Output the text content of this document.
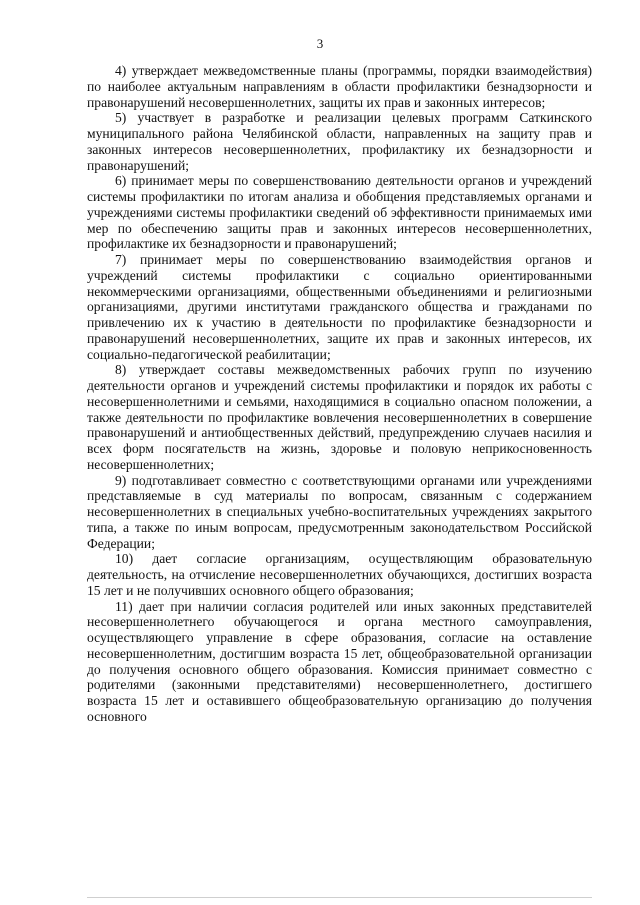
3

4) утверждает межведомственные планы (программы, порядки взаимодействия) по наиболее актуальным направлениям в области профилактики безнадзорности и правонарушений несовершеннолетних, защиты их прав и законных интересов;

5) участвует в разработке и реализации целевых программ Саткинского муниципального района Челябинской области, направленных на защиту прав и законных интересов несовершеннолетних, профилактику их безнадзорности и правонарушений;

6) принимает меры по совершенствованию деятельности органов и учреждений системы профилактики по итогам анализа и обобщения представляемых органами и учреждениями системы профилактики сведений об эффективности принимаемых ими мер по обеспечению защиты прав и законных интересов несовершеннолетних, профилактике их безнадзорности и правонарушений;

7) принимает меры по совершенствованию взаимодействия органов и учреждений системы профилактики с социально ориентированными некоммерческими организациями, общественными объединениями и религиозными организациями, другими институтами гражданского общества и гражданами по привлечению их к участию в деятельности по профилактике безнадзорности и правонарушений несовершеннолетних, защите их прав и законных интересов, их социально-педагогической реабилитации;

8) утверждает составы межведомственных рабочих групп по изучению деятельности органов и учреждений системы профилактики и порядок их работы с несовершеннолетними и семьями, находящимися в социально опасном положении, а также деятельности по профилактике вовлечения несовершеннолетних в совершение правонарушений и антиобщественных действий, предупреждению случаев насилия и всех форм посягательств на жизнь, здоровье и половую неприкосновенность несовершеннолетних;

9) подготавливает совместно с соответствующими органами или учреждениями представляемые в суд материалы по вопросам, связанным с содержанием несовершеннолетних в специальных учебно-воспитательных учреждениях закрытого типа, а также по иным вопросам, предусмотренным законодательством Российской Федерации;

10) дает согласие организациям, осуществляющим образовательную деятельность, на отчисление несовершеннолетних обучающихся, достигших возраста 15 лет и не получивших основного общего образования;

11) дает при наличии согласия родителей или иных законных представителей несовершеннолетнего обучающегося и органа местного самоуправления, осуществляющего управление в сфере образования, согласие на оставление несовершеннолетним, достигшим возраста 15 лет, общеобразовательной организации до получения основного общего образования. Комиссия принимает совместно с родителями (законными представителями) несовершеннолетнего, достигшего возраста 15 лет и оставившего общеобразовательную организацию до получения основного
